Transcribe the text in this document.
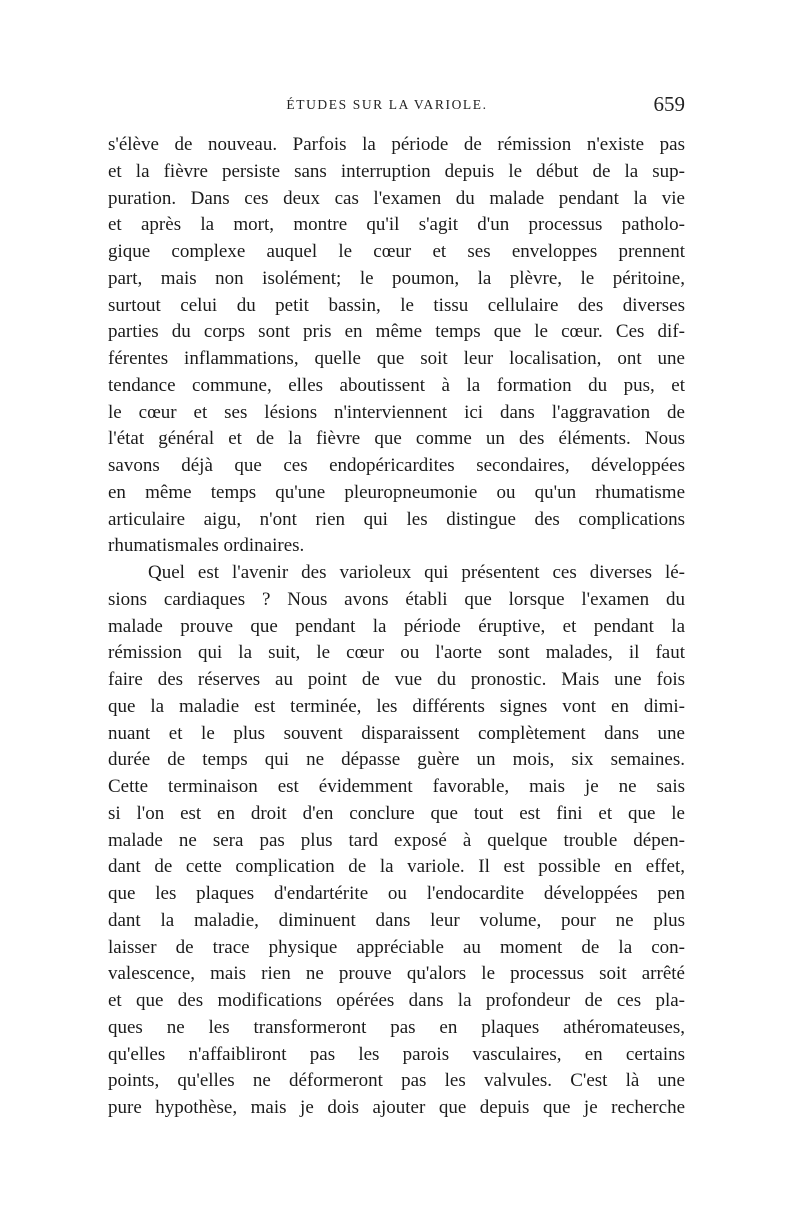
ÉTUDES SUR LA VARIOLE.	659
s'élève de nouveau. Parfois la période de rémission n'existe pas
et la fièvre persiste sans interruption depuis le début de la sup-
puration. Dans ces deux cas l'examen du malade pendant la vie
et après la mort, montre qu'il s'agit d'un processus patholo-
gique complexe auquel le cœur et ses enveloppes prennent
part, mais non isolément; le poumon, la plèvre, le péritoine,
surtout celui du petit bassin, le tissu cellulaire des diverses
parties du corps sont pris en même temps que le cœur. Ces dif-
férentes inflammations, quelle que soit leur localisation, ont une
tendance commune, elles aboutissent à la formation du pus, et
le cœur et ses lésions n'interviennent ici dans l'aggravation de
l'état général et de la fièvre que comme un des éléments. Nous
savons déjà que ces endopéricardites secondaires, développées
en même temps qu'une pleuropneumonie ou qu'un rhumatisme
articulaire aigu, n'ont rien qui les distingue des complications
rhumatismales ordinaires.
Quel est l'avenir des varioleux qui présentent ces diverses lé-
sions cardiaques ? Nous avons établi que lorsque l'examen du
malade prouve que pendant la période éruptive, et pendant la
rémission qui la suit, le cœur ou l'aorte sont malades, il faut
faire des réserves au point de vue du pronostic. Mais une fois
que la maladie est terminée, les différents signes vont en dimi-
nuant et le plus souvent disparaissent complètement dans une
durée de temps qui ne dépasse guère un mois, six semaines.
Cette terminaison est évidemment favorable, mais je ne sais
si l'on est en droit d'en conclure que tout est fini et que le
malade ne sera pas plus tard exposé à quelque trouble dépen-
dant de cette complication de la variole. Il est possible en effet,
que les plaques d'endartérite ou l'endocardite développées pen
dant la maladie, diminuent dans leur volume, pour ne plus
laisser de trace physique appréciable au moment de la con-
valescence, mais rien ne prouve qu'alors le processus soit arrêté
et que des modifications opérées dans la profondeur de ces pla-
ques ne les transformeront pas en plaques athéromateuses,
qu'elles n'affaibliront pas les parois vasculaires, en certains
points, qu'elles ne déformeront pas les valvules. C'est là une
pure hypothèse, mais je dois ajouter que depuis que je recherche
